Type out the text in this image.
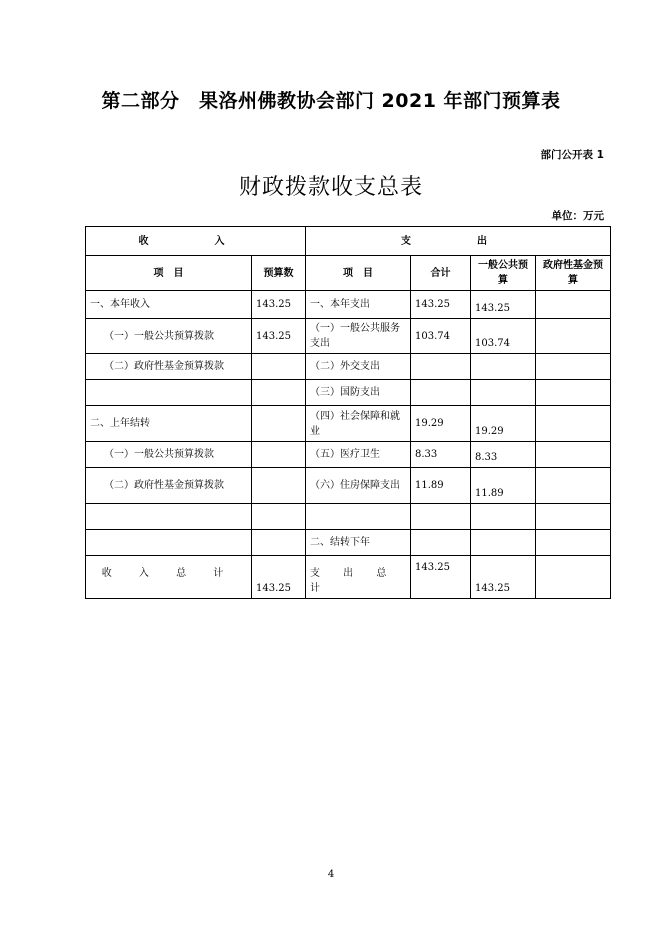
第二部分　果洛州佛教协会部门 2021 年部门预算表
部门公开表 1
财政拨款收支总表
单位：万元
收　入		支　出			
项　目	预算数	项　目	合计	一般公共预算	政府性基金预算
一、本年收入	143.25	一、本年支出	143.25	143.25	
（一）一般公共预算拨款	143.25	（一）一般公共服务支出	103.74	103.74	
（二）政府性基金预算拨款		（二）外交支出			
		（三）国防支出			
二、上年结转		（四）社会保障和就业	19.29	19.29	
（一）一般公共预算拨款		（五）医疗卫生	8.33	8.33	
（二）政府性基金预算拨款		（六）住房保障支出	11.89	11.89	

		二、结转下年			
收 入 总 计	143.25	支 出 总 计	143.25	143.25	
4
